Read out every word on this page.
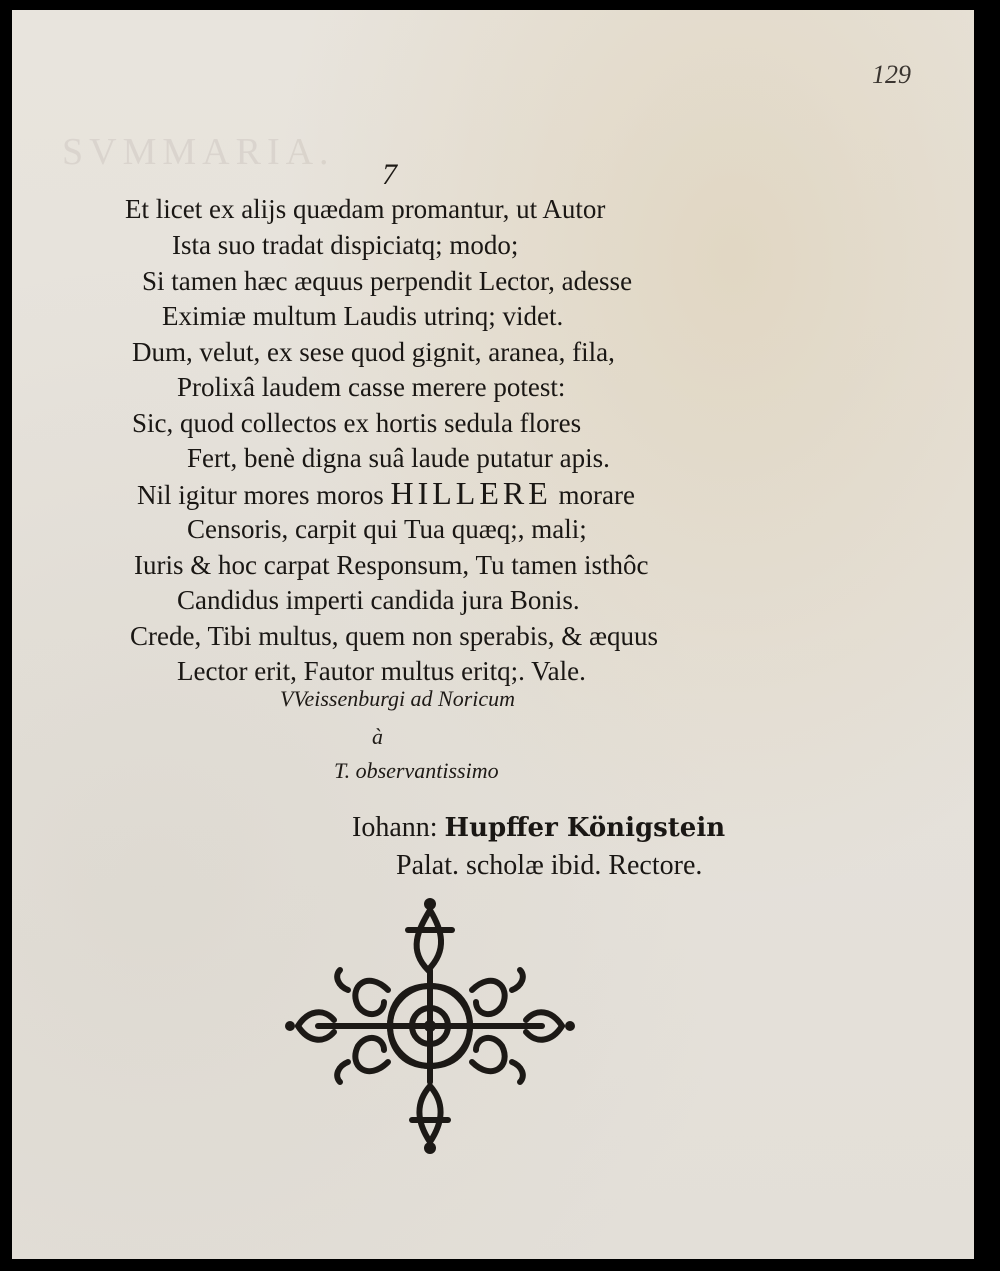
SVMMARIA.
129
7
Et licet ex alijs quædam promantur, ut Autor
Ista suo tradat dispiciatq; modo;
Si tamen hæc æquus perpendit Lector, adesse
Eximiæ multum Laudis utrinq; videt.
Dum, velut, ex sese quod gignit, aranea, fila,
Prolixâ laudem casse merere potest:
Sic, quod collectos ex hortis sedula flores
Fert, benè digna suâ laude putatur apis.
Nil igitur mores moros HILLERE morare
Censoris, carpit qui Tua quæq;, mali;
Iuris & hoc carpat Responsum, Tu tamen isthôc
Candidus imperti candida jura Bonis.
Crede, Tibi multus, quem non sperabis, & æquus
Lector erit, Fautor multus eritq;. Vale.
VVeissenburgi ad Noricum
à
T. observantissimo
Iohann: Hupffer Königstein
Palat. scholæ ibid. Rectore.
